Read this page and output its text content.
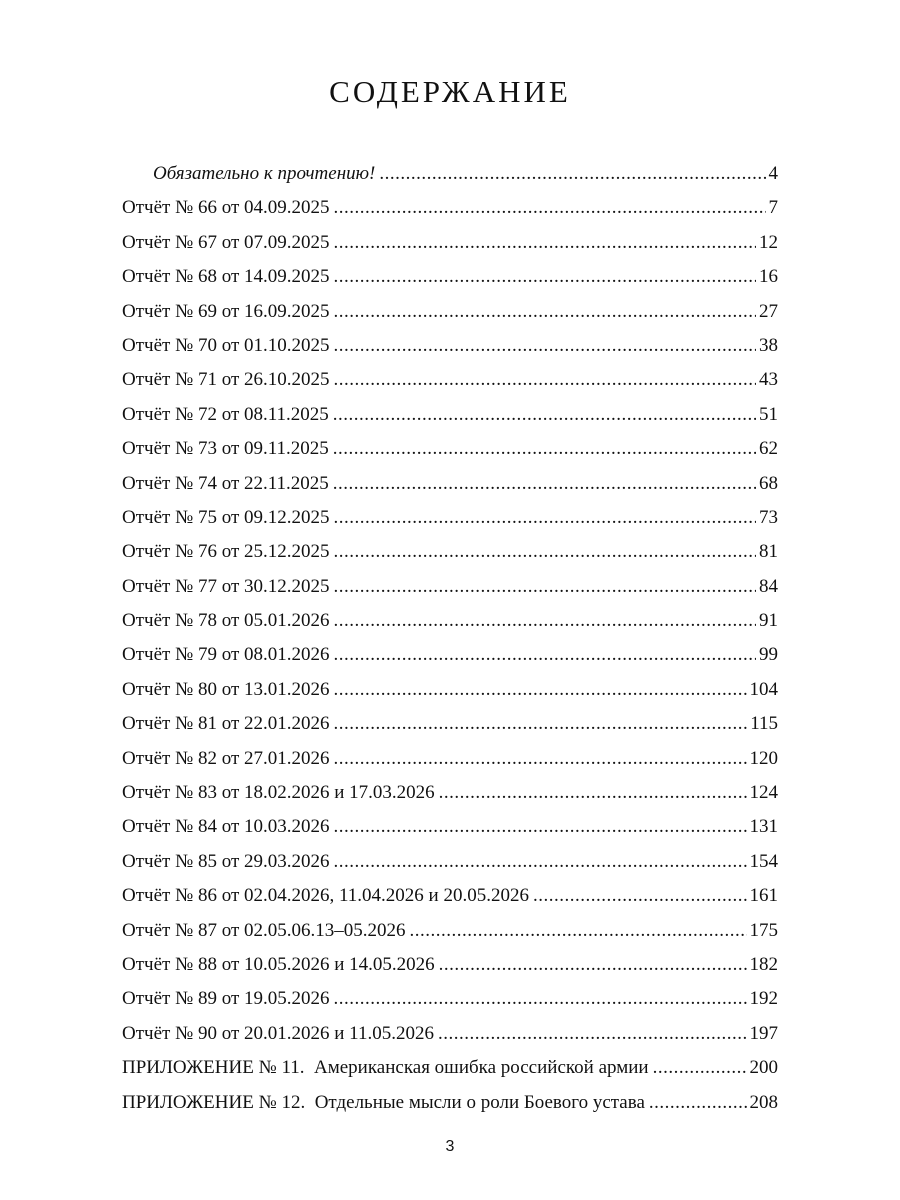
СОДЕРЖАНИЕ
Обязательно к прочтению! .....	4
Отчёт № 66 от 04.09.2025 .....	7
Отчёт № 67 от 07.09.2025 .....	12
Отчёт № 68 от 14.09.2025 .....	16
Отчёт № 69 от 16.09.2025 .....	27
Отчёт № 70 от 01.10.2025 .....	38
Отчёт № 71 от 26.10.2025 .....	43
Отчёт № 72 от 08.11.2025 .....	51
Отчёт № 73 от 09.11.2025 .....	62
Отчёт № 74 от 22.11.2025 .....	68
Отчёт № 75 от 09.12.2025 .....	73
Отчёт № 76 от 25.12.2025 .....	81
Отчёт № 77 от 30.12.2025 .....	84
Отчёт № 78 от 05.01.2026 .....	91
Отчёт № 79 от 08.01.2026 .....	99
Отчёт № 80 от 13.01.2026 .....	104
Отчёт № 81 от 22.01.2026 .....	115
Отчёт № 82 от 27.01.2026 .....	120
Отчёт № 83 от 18.02.2026 и 17.03.2026 .....	124
Отчёт № 84 от 10.03.2026 .....	131
Отчёт № 85 от 29.03.2026 .....	154
Отчёт № 86 от 02.04.2026, 11.04.2026 и 20.05.2026 .....	161
Отчёт № 87 от 02.05.06.13–05.2026 .....	175
Отчёт № 88 от 10.05.2026 и 14.05.2026 .....	182
Отчёт № 89 от 19.05.2026 .....	192
Отчёт № 90 от 20.01.2026 и 11.05.2026 .....	197
ПРИЛОЖЕНИЕ № 11.  Американская ошибка российской армии .....	200
ПРИЛОЖЕНИЕ № 12.  Отдельные мысли о роли Боевого устава .....	208
3
